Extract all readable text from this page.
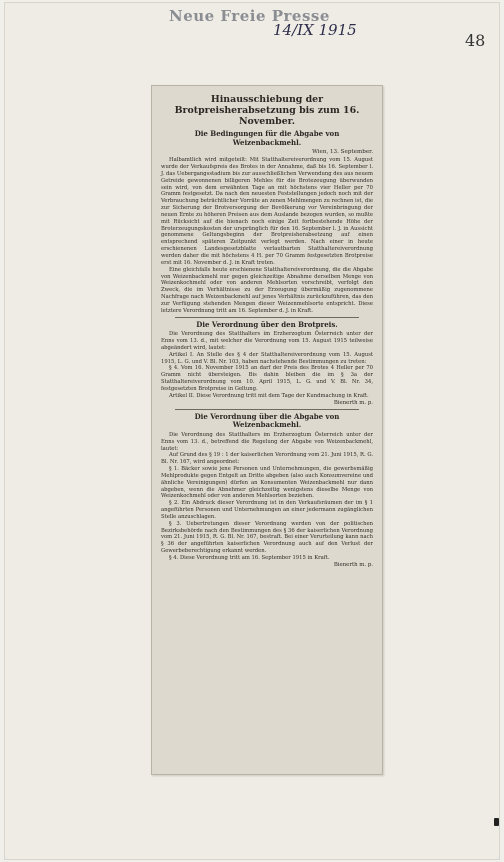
Neue Freie Presse
14/IX 1915
48
Hinausschiebung der Brotpreisherabsetzung bis zum 16. November.
Die Bedingungen für die Abgabe von Weizenbackmehl.
Wien, 13. September.

Halbamtlich wird mitgeteilt: Mit Statthaltereiverordnung vom 15. August wurde der Verkaufspreis des Brotes in der Annahme, daß bis 16. September l. J. das Uebergangsstadium bis zur ausschließlichen Verwendung des aus neuem Getreide gewonnenen billigeren Mehles für die Brotezeugung überwunden sein wird, von dem erwähnten Tage an mit höchstens vier Heller per 70 Gramm festgesetzt. Da nach den neuesten Feststellungen jedoch noch mit der Verbrauchung beträchtlicher Vorräte an zenen Mehlmengen zu rechnen ist, die zur Sicherung der Brotversorgung der Bevölkerung vor Vereinbringung der neuen Ernte zu höheren Preisen aus dem Auslande bezogen wurden, so mußte mit Rücksicht auf die hienach noch einige Zeit fortbestehende Höhe der Broterzeugungskosten der ursprünglich für den 16. September l. J. in Aussicht genommene Geltungsbeginn der Brotpreisherabsetzung auf einen entsprechend späteren Zeitpunkt verlegt werden. Nach einer in heute erschienenen Landesgesetzblatte verlautbarten Statthaltereiverordnung werden daher die mit höchstens 4 H. per 70 Gramm festgesetzten Brotpreise erst mit 16. November d. J. in Kraft treten.

Eine gleichfalls heute erschienene Statthaltereiverordnung, die die Abgabe von Weizenbackmehl nur gegen gleichzeitige Abnahme derselben Menge von Weizenkochmehl oder von anderen Mehlsorten vorschreibt, verfolgt den Zweck, die im Verhältnisse zu der Erzeugung übermäßig zugenommene Nachfrage nach Weizenbackmehl auf jenes Verhältnis zurückzuführen, das den zur Verfügung stehenden Mengen dieser Weizenmehlsorte entspricht. Diese letztere Verordnung tritt am 16. September d. J. in Kraft.

Die Verordnung über den Brotpreis.

Die Verordnung des Statthalters im Erzherzogtum Österreich unter der Enns vom 13. d., mit welcher die Verordnung vom 15. August 1915 teilweise abgeändert wird, lautet:

Artikel I. An Stelle des § 4 der Statthaltereiverordnung vom 15. August 1915, L. G. und V. Bl. Nr. 103, haben nachstehende Bestimmungen zu treten:

§ 4. Vom 16. November 1915 an darf der Preis des Brotes 4 Heller per 70 Gramm nicht übersteigen. Bis dahin bleiben die im § 3a der Statthaltereiverordnung vom 10. April 1915, L. G. und V. Bl. Nr. 34, festgesetzten Brotpreise in Geltung.

Artikel II. Diese Verordnung tritt mit dem Tage der Kundmachung in Kraft.

Bienerth m. p.
Die Verordnung über die Abgabe von Weizenbackmehl.

Die Verordnung des Statthalters im Erzherzogtum Österreich unter der Enns vom 13. d., betreffend die Regelung der Abgabe von Weizenbackmehl, lautet:

Auf Grund des § 19 : 1 der kaiserlichen Verordnung vom 21. Juni 1915, R. G. Bl. Nr. 167, wird angeordnet:

§ 1. Bäcker sowie jene Personen und Unternehmungen, die gewerbsmäßig Mehlprodukte gegen Entgelt an Dritte abgeben (also auch Konsumvereine und ähnliche Vereinigungen) dürfen an Konsumenten Weizenbackmehl nur dann abgeben, wenn die Abnehmer gleichzeitig wenigstens dieselbe Menge von Weizenkochmehl oder von anderen Mehlsorten beziehen.

§ 2. Ein Abdruck dieser Verordnung ist in den Verkaufsräumen der im § 1 angeführten Personen und Unternehmungen an einer jedermann zugänglichen Stelle anzuschlagen.

§ 3. Uebertretungen dieser Verordnung werden von der politischen Bezirksbehörde nach den Bestimmungen des § 36 der kaiserlichen Verordnung vom 21. Juni 1915, R. G. Bl. Nr. 167, bestraft. Bei einer Verurteilung kann nach § 36 der angeführten kaiserlichen Verordnung auch auf den Verlust der Gewerbeberechtigung erkannt werden.

§ 4. Diese Verordnung tritt am 16. September 1915 in Kraft.

Bienerth m. p.
